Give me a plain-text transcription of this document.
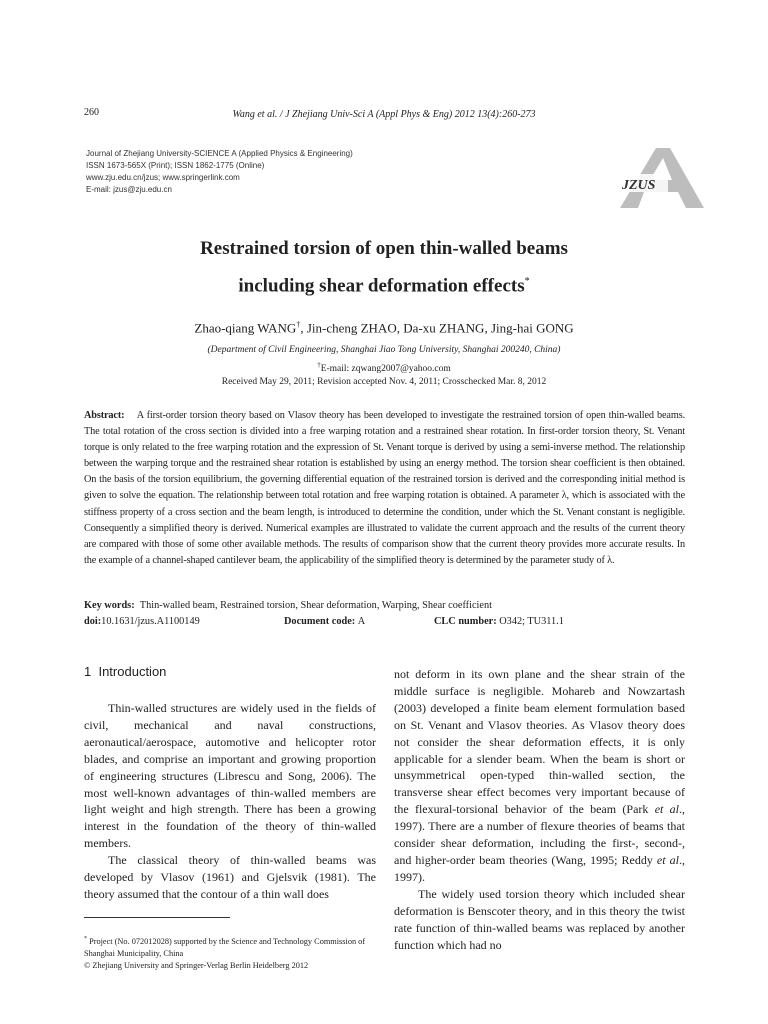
260	Wang et al. / J Zhejiang Univ-Sci A (Appl Phys & Eng) 2012 13(4):260-273
Journal of Zhejiang University-SCIENCE A (Applied Physics & Engineering)
ISSN 1673-565X (Print); ISSN 1862-1775 (Online)
www.zju.edu.cn/jzus; www.springerlink.com
E-mail: jzus@zju.edu.cn	JZUS
Restrained torsion of open thin-walled beams
including shear deformation effects*
Zhao-qiang WANG†, Jin-cheng ZHAO, Da-xu ZHANG, Jing-hai GONG
(Department of Civil Engineering, Shanghai Jiao Tong University, Shanghai 200240, China)
†E-mail: zqwang2007@yahoo.com
Received May 29, 2011; Revision accepted Nov. 4, 2011; Crosschecked Mar. 8, 2012
Abstract: A first-order torsion theory based on Vlasov theory has been developed to investigate the restrained torsion of open thin-walled beams. The total rotation of the cross section is divided into a free warping rotation and a restrained shear rotation. In first-order torsion theory, St. Venant torque is only related to the free warping rotation and the expression of St. Venant torque is derived by using a semi-inverse method. The relationship between the warping torque and the restrained shear rotation is established by using an energy method. The torsion shear coefficient is then obtained. On the basis of the torsion equilibrium, the governing differential equation of the restrained torsion is derived and the corresponding initial method is given to solve the equation. The relationship between total rotation and free warping rotation is obtained. A parameter λ, which is associated with the stiffness property of a cross section and the beam length, is introduced to determine the condition, under which the St. Venant constant is negligible. Consequently a simplified theory is derived. Numerical examples are illustrated to validate the current approach and the results of the current theory are compared with those of some other available methods. The results of comparison show that the current theory provides more accurate results. In the example of a channel-shaped cantilever beam, the applicability of the simplified theory is determined by the parameter study of λ.
Key words: Thin-walled beam, Restrained torsion, Shear deformation, Warping, Shear coefficient
doi:10.1631/jzus.A1100149	Document code: A	CLC number: O342; TU311.1
1 Introduction

Thin-walled structures are widely used in the fields of civil, mechanical and naval constructions, aeronautical/aerospace, automotive and helicopter rotor blades, and comprise an important and growing proportion of engineering structures (Librescu and Song, 2006). The most well-known advantages of thin-walled members are light weight and high strength. There has been a growing interest in the foundation of the theory of thin-walled members.

The classical theory of thin-walled beams was developed by Vlasov (1961) and Gjelsvik (1981). The theory assumed that the contour of a thin wall does

not deform in its own plane and the shear strain of the middle surface is negligible. Mohareb and Nowzartash (2003) developed a finite beam element formulation based on St. Venant and Vlasov theories. As Vlasov theory does not consider the shear deformation effects, it is only applicable for a slender beam. When the beam is short or unsymmetrical open-typed thin-walled section, the transverse shear effect becomes very important because of the flexural-torsional behavior of the beam (Park et al., 1997). There are a number of flexure theories of beams that consider shear deformation, including the first-, second-, and higher-order beam theories (Wang, 1995; Reddy et al., 1997).

The widely used torsion theory which included shear deformation is Benscoter theory, and in this theory the twist rate function of thin-walled beams was replaced by another function which had no

* Project (No. 072012028) supported by the Science and Technology Commission of Shanghai Municipality, China
© Zhejiang University and Springer-Verlag Berlin Heidelberg 2012
